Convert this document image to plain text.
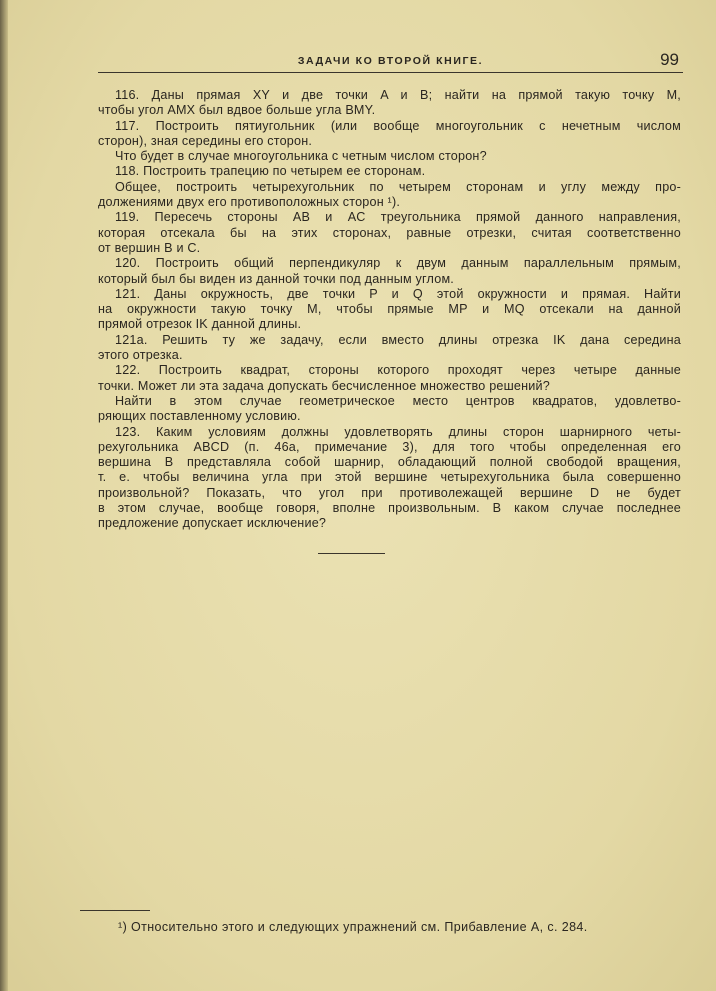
ЗАДАЧИ КО ВТОРОЙ КНИГЕ.	99
116. Даны прямая XY и две точки A и B; найти на прямой такую точку M,
чтобы угол AMX был вдвое больше угла BMY.
117. Построить пятиугольник (или вообще многоугольник с нечетным числом
сторон), зная середины его сторон.
Что будет в случае многоугольника с четным числом сторон?
118. Построить трапецию по четырем ее сторонам.
Общее, построить четырехугольник по четырем сторонам и углу между про-
должениями двух его противоположных сторон ¹).
119. Пересечь стороны AB и AC треугольника прямой данного направления,
которая отсекала бы на этих сторонах, равные отрезки, считая соответственно
от вершин B и C.
120. Построить общий перпендикуляр к двум данным параллельным прямым,
который был бы виден из данной точки под данным углом.
121. Даны окружность, две точки P и Q этой окружности и прямая. Найти
на окружности такую точку M, чтобы прямые MP и MQ отсекали на данной
прямой отрезок IK данной длины.
121а. Решить ту же задачу, если вместо длины отрезка IK дана середина
этого отрезка.
122. Построить квадрат, стороны которого проходят через четыре данные
точки. Может ли эта задача допускать бесчисленное множество решений?
Найти в этом случае геометрическое место центров квадратов, удовлетво-
ряющих поставленному условию.
123. Каким условиям должны удовлетворять длины сторон шарнирного четы-
рехугольника ABCD (п. 46а, примечание 3), для того чтобы определенная его
вершина B представляла собой шарнир, обладающий полной свободой вращения,
т. е. чтобы величина угла при этой вершине четырехугольника была совершенно
произвольной? Показать, что угол при противолежащей вершине D не будет
в этом случае, вообще говоря, вполне произвольным. В каком случае последнее
предложение допускает исключение?
¹) Относительно этого и следующих упражнений см. Прибавление А, с. 284.
